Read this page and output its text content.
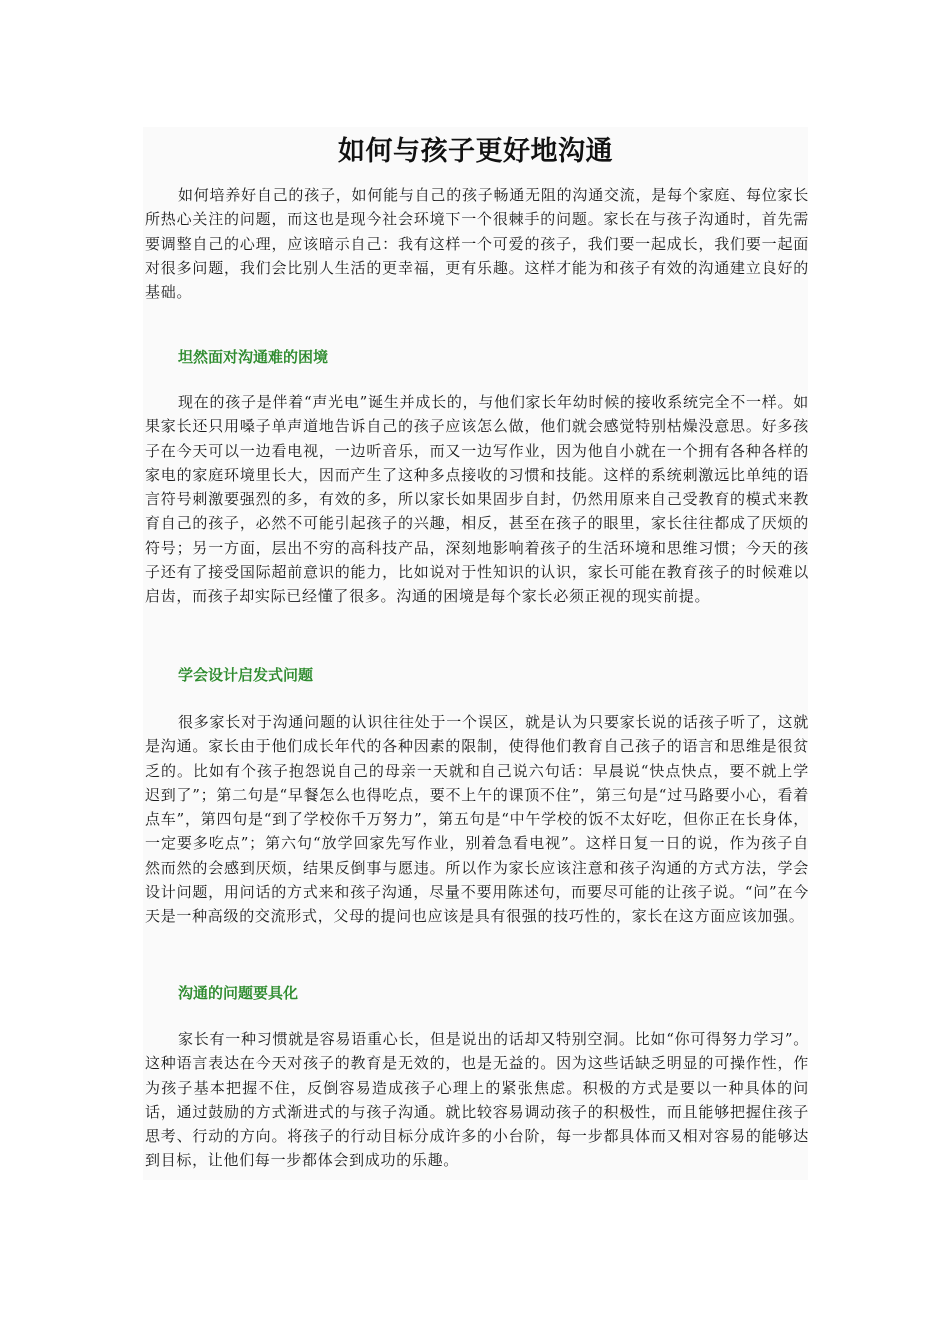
如何与孩子更好地沟通

如何培养好自己的孩子，如何能与自己的孩子畅通无阻的沟通交流，是每个家庭、每位家长所热心关注的问题，而这也是现今社会环境下一个很棘手的问题。家长在与孩子沟通时，首先需要调整自己的心理，应该暗示自己：我有这样一个可爱的孩子，我们要一起成长，我们要一起面对很多问题，我们会比别人生活的更幸福，更有乐趣。这样才能为和孩子有效的沟通建立良好的基础。

坦然面对沟通难的困境

现在的孩子是伴着“声光电”诞生并成长的，与他们家长年幼时候的接收系统完全不一样。如果家长还只用嗓子单声道地告诉自己的孩子应该怎么做，他们就会感觉特别枯燥没意思。好多孩子在今天可以一边看电视，一边听音乐，而又一边写作业，因为他自小就在一个拥有各种各样的家电的家庭环境里长大，因而产生了这种多点接收的习惯和技能。这样的系统刺激远比单纯的语言符号刺激要强烈的多，有效的多，所以家长如果固步自封，仍然用原来自己受教育的模式来教育自己的孩子，必然不可能引起孩子的兴趣，相反，甚至在孩子的眼里，家长往往都成了厌烦的符号；另一方面，层出不穷的高科技产品，深刻地影响着孩子的生活环境和思维习惯；今天的孩子还有了接受国际超前意识的能力，比如说对于性知识的认识，家长可能在教育孩子的时候难以启齿，而孩子却实际已经懂了很多。沟通的困境是每个家长必须正视的现实前提。

学会设计启发式问题

很多家长对于沟通问题的认识往往处于一个误区，就是认为只要家长说的话孩子听了，这就是沟通。家长由于他们成长年代的各种因素的限制，使得他们教育自己孩子的语言和思维是很贫乏的。比如有个孩子抱怨说自己的母亲一天就和自己说六句话：早晨说“快点快点，要不就上学迟到了”；第二句是“早餐怎么也得吃点，要不上午的课顶不住”，第三句是“过马路要小心，看着点车”，第四句是“到了学校你千万努力”，第五句是“中午学校的饭不太好吃，但你正在长身体，一定要多吃点”；第六句“放学回家先写作业，别着急看电视”。这样日复一日的说，作为孩子自然而然的会感到厌烦，结果反倒事与愿违。所以作为家长应该注意和孩子沟通的方式方法，学会设计问题，用问话的方式来和孩子沟通，尽量不要用陈述句，而要尽可能的让孩子说。“问”在今天是一种高级的交流形式，父母的提问也应该是具有很强的技巧性的，家长在这方面应该加强。

沟通的问题要具化

家长有一种习惯就是容易语重心长，但是说出的话却又特别空洞。比如“你可得努力学习”。这种语言表达在今天对孩子的教育是无效的，也是无益的。因为这些话缺乏明显的可操作性，作为孩子基本把握不住，反倒容易造成孩子心理上的紧张焦虑。积极的方式是要以一种具体的问话，通过鼓励的方式渐进式的与孩子沟通。就比较容易调动孩子的积极性，而且能够把握住孩子思考、行动的方向。将孩子的行动目标分成许多的小台阶，每一步都具体而又相对容易的能够达到目标，让他们每一步都体会到成功的乐趣。
